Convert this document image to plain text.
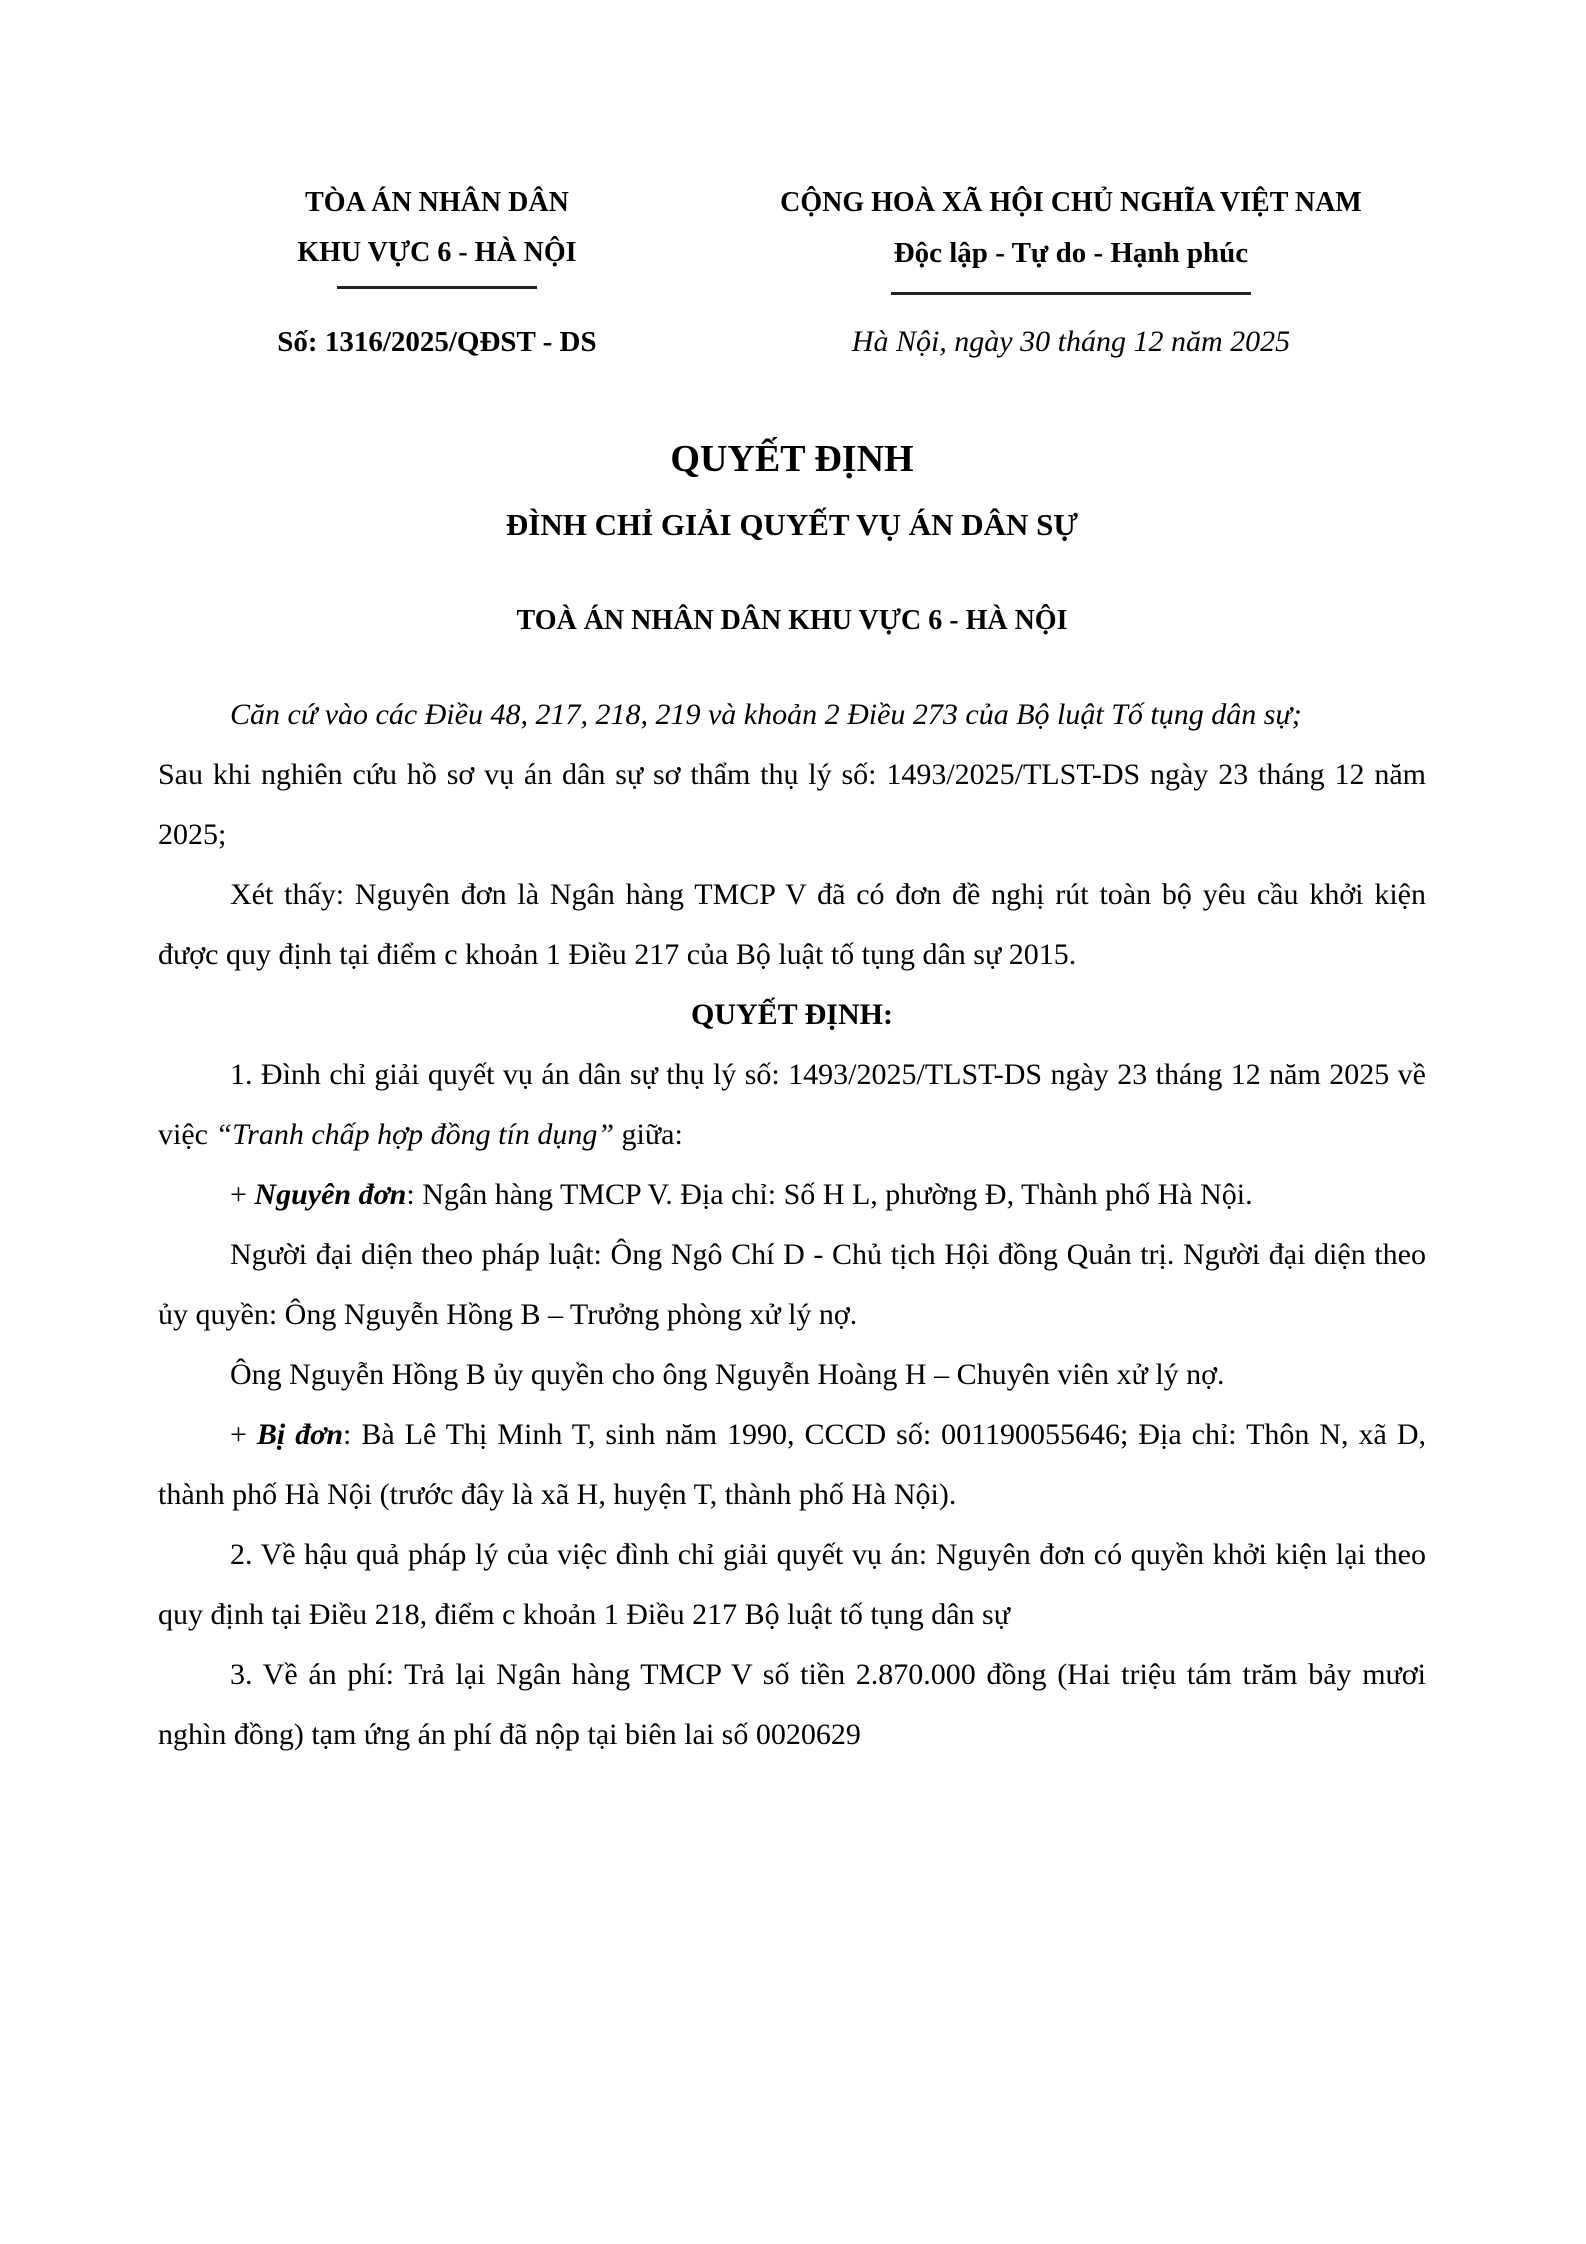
TÒA ÁN NHÂN DÂN
KHU VỰC 6 - HÀ NỘI
CỘNG HOÀ XÃ HỘI CHỦ NGHĨA VIỆT NAM
Độc lập - Tự do - Hạnh phúc
Số: 1316/2025/QĐST - DS	Hà Nội, ngày 30 tháng 12 năm 2025
QUYẾT ĐỊNH
ĐÌNH CHỈ GIẢI QUYẾT VỤ ÁN DÂN SỰ
TOÀ ÁN NHÂN DÂN KHU VỰC 6 - HÀ NỘI

Căn cứ vào các Điều 48, 217, 218, 219 và khoản 2 Điều 273 của Bộ luật Tố tụng dân sự;

Sau khi nghiên cứu hồ sơ vụ án dân sự sơ thẩm thụ lý số: 1493/2025/TLST-DS ngày 23 tháng 12 năm 2025;

Xét thấy: Nguyên đơn là Ngân hàng TMCP V đã có đơn đề nghị rút toàn bộ yêu cầu khởi kiện được quy định tại điểm c khoản 1 Điều 217 của Bộ luật tố tụng dân sự 2015.

QUYẾT ĐỊNH:

1. Đình chỉ giải quyết vụ án dân sự thụ lý số: 1493/2025/TLST-DS ngày 23 tháng 12 năm 2025 về việc “Tranh chấp hợp đồng tín dụng” giữa:

+ Nguyên đơn: Ngân hàng TMCP V. Địa chỉ: Số H L, phường Đ, Thành phố Hà Nội.

Người đại diện theo pháp luật: Ông Ngô Chí D - Chủ tịch Hội đồng Quản trị. Người đại diện theo ủy quyền: Ông Nguyễn Hồng B – Trưởng phòng xử lý nợ.

Ông Nguyễn Hồng B ủy quyền cho ông Nguyễn Hoàng H – Chuyên viên xử lý nợ.

+ Bị đơn: Bà Lê Thị Minh T, sinh năm 1990, CCCD số: 001190055646; Địa chỉ: Thôn N, xã D, thành phố Hà Nội (trước đây là xã H, huyện T, thành phố Hà Nội).

2. Về hậu quả pháp lý của việc đình chỉ giải quyết vụ án: Nguyên đơn có quyền khởi kiện lại theo quy định tại Điều 218, điểm c khoản 1 Điều 217 Bộ luật tố tụng dân sự

3. Về án phí: Trả lại Ngân hàng TMCP V số tiền 2.870.000 đồng (Hai triệu tám trăm bảy mươi nghìn đồng) tạm ứng án phí đã nộp tại biên lai số 0020629
